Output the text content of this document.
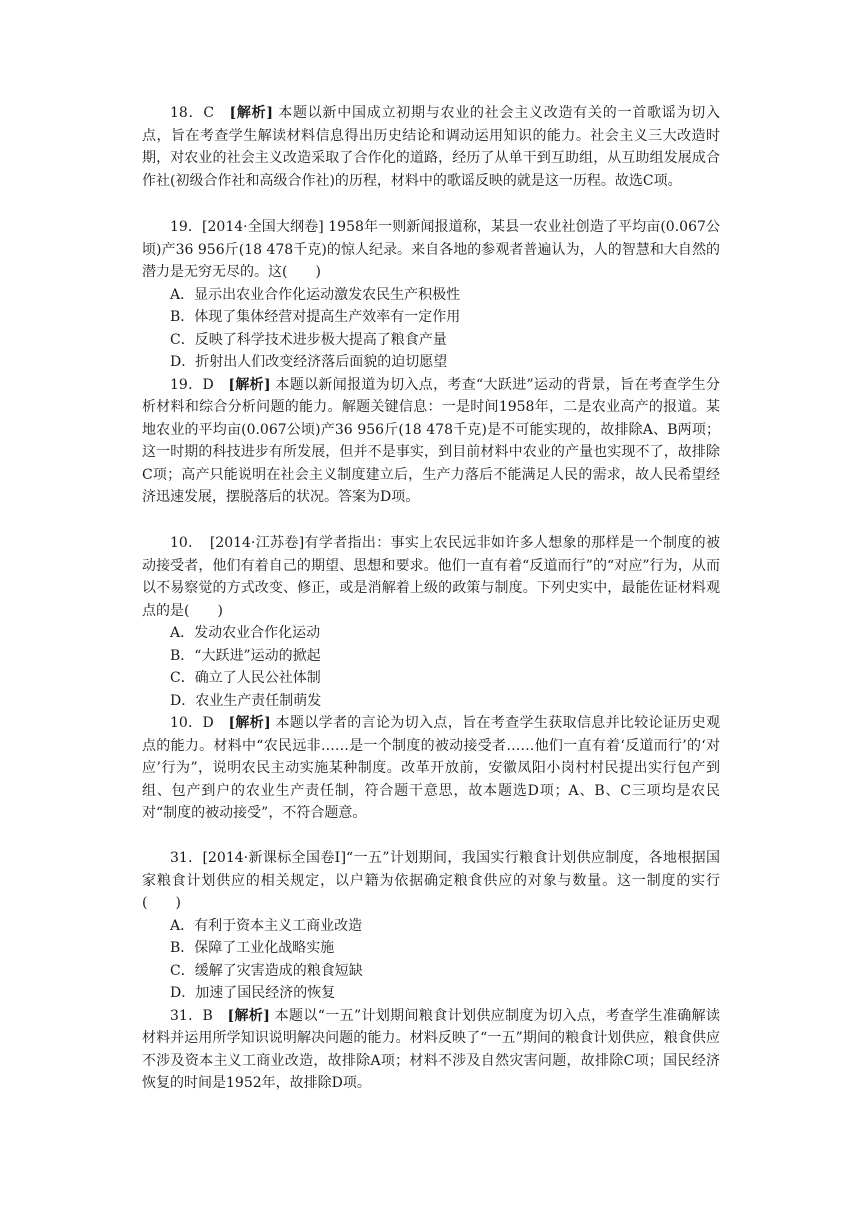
18．C　[解析] 本题以新中国成立初期与农业的社会主义改造有关的一首歌谣为切入点，旨在考查学生解读材料信息得出历史结论和调动运用知识的能力。社会主义三大改造时期，对农业的社会主义改造采取了合作化的道路，经历了从单干到互助组，从互助组发展成合作社(初级合作社和高级合作社)的历程，材料中的歌谣反映的就是这一历程。故选C项。

19．[2014·全国大纲卷] 1958年一则新闻报道称，某县一农业社创造了平均亩(0.067公顷)产36 956斤(18 478千克)的惊人纪录。来自各地的参观者普遍认为，人的智慧和大自然的潜力是无穷无尽的。这(　　)

A．显示出农业合作化运动激发农民生产积极性

B．体现了集体经营对提高生产效率有一定作用

C．反映了科学技术进步极大提高了粮食产量

D．折射出人们改变经济落后面貌的迫切愿望

19．D　[解析] 本题以新闻报道为切入点，考查“大跃进”运动的背景，旨在考查学生分析材料和综合分析问题的能力。解题关键信息：一是时间1958年，二是农业高产的报道。某地农业的平均亩(0.067公顷)产36 956斤(18 478千克)是不可能实现的，故排除A、B两项；这一时期的科技进步有所发展，但并不是事实，到目前材料中农业的产量也实现不了，故排除C项；高产只能说明在社会主义制度建立后，生产力落后不能满足人民的需求，故人民希望经济迅速发展，摆脱落后的状况。答案为D项。

10．　[2014·江苏卷]有学者指出：事实上农民远非如许多人想象的那样是一个制度的被动接受者，他们有着自己的期望、思想和要求。他们一直有着“反道而行”的“对应”行为，从而以不易察觉的方式改变、修正，或是消解着上级的政策与制度。下列史实中，最能佐证材料观点的是(　　)

A．发动农业合作化运动

B．“大跃进”运动的掀起

C．确立了人民公社体制

D．农业生产责任制萌发

10．D　[解析] 本题以学者的言论为切入点，旨在考查学生获取信息并比较论证历史观点的能力。材料中“农民远非……是一个制度的被动接受者……他们一直有着‘反道而行’的‘对应’行为”，说明农民主动实施某种制度。改革开放前，安徽凤阳小岗村村民提出实行包产到组、包产到户的农业生产责任制，符合题干意思，故本题选D项；A、B、C三项均是农民对“制度的被动接受”，不符合题意。

31．[2014·新课标全国卷Ⅰ]“一五”计划期间，我国实行粮食计划供应制度，各地根据国家粮食计划供应的相关规定，以户籍为依据确定粮食供应的对象与数量。这一制度的实行(　　)

A．有利于资本主义工商业改造

B．保障了工业化战略实施

C．缓解了灾害造成的粮食短缺

D．加速了国民经济的恢复

31．B　[解析] 本题以“一五”计划期间粮食计划供应制度为切入点，考查学生准确解读材料并运用所学知识说明解决问题的能力。材料反映了“一五”期间的粮食计划供应，粮食供应不涉及资本主义工商业改造，故排除A项；材料不涉及自然灾害问题，故排除C项；国民经济恢复的时间是1952年，故排除D项。
